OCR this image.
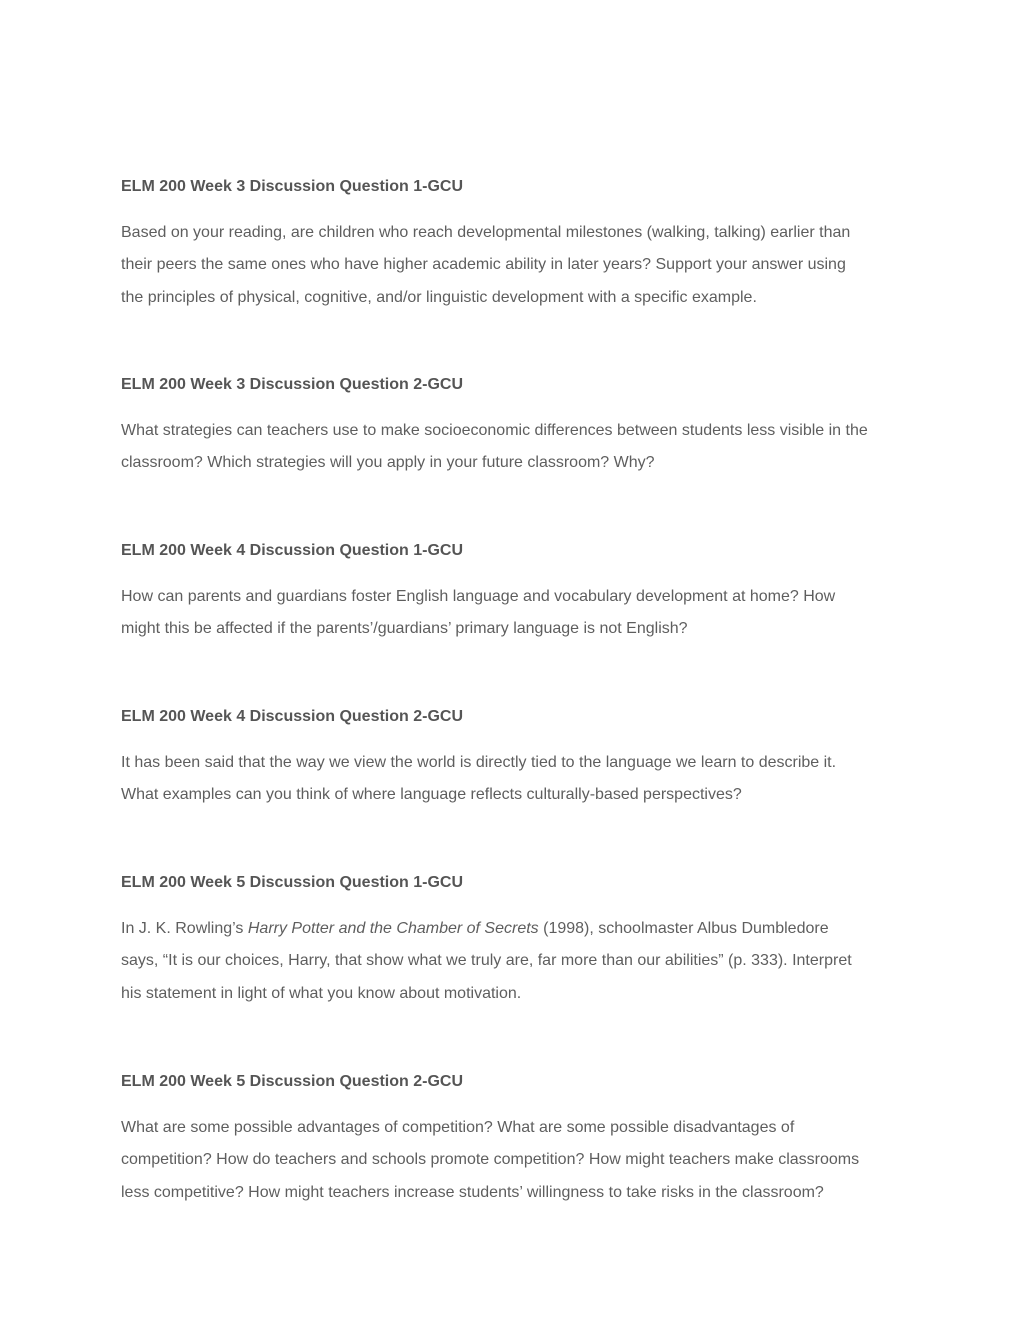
ELM 200 Week 3 Discussion Question 1-GCU

Based on your reading, are children who reach developmental milestones (walking, talking) earlier than
their peers the same ones who have higher academic ability in later years? Support your answer using
the principles of physical, cognitive, and/or linguistic development with a specific example.

ELM 200 Week 3 Discussion Question 2-GCU

What strategies can teachers use to make socioeconomic differences between students less visible in the
classroom? Which strategies will you apply in your future classroom? Why?

ELM 200 Week 4 Discussion Question 1-GCU

How can parents and guardians foster English language and vocabulary development at home? How
might this be affected if the parents’/guardians’ primary language is not English?

ELM 200 Week 4 Discussion Question 2-GCU

It has been said that the way we view the world is directly tied to the language we learn to describe it.
What examples can you think of where language reflects culturally-based perspectives?

ELM 200 Week 5 Discussion Question 1-GCU

In J. K. Rowling’s Harry Potter and the Chamber of Secrets (1998), schoolmaster Albus Dumbledore
says, “It is our choices, Harry, that show what we truly are, far more than our abilities” (p. 333). Interpret
his statement in light of what you know about motivation.

ELM 200 Week 5 Discussion Question 2-GCU

What are some possible advantages of competition? What are some possible disadvantages of
competition? How do teachers and schools promote competition? How might teachers make classrooms
less competitive? How might teachers increase students’ willingness to take risks in the classroom?
